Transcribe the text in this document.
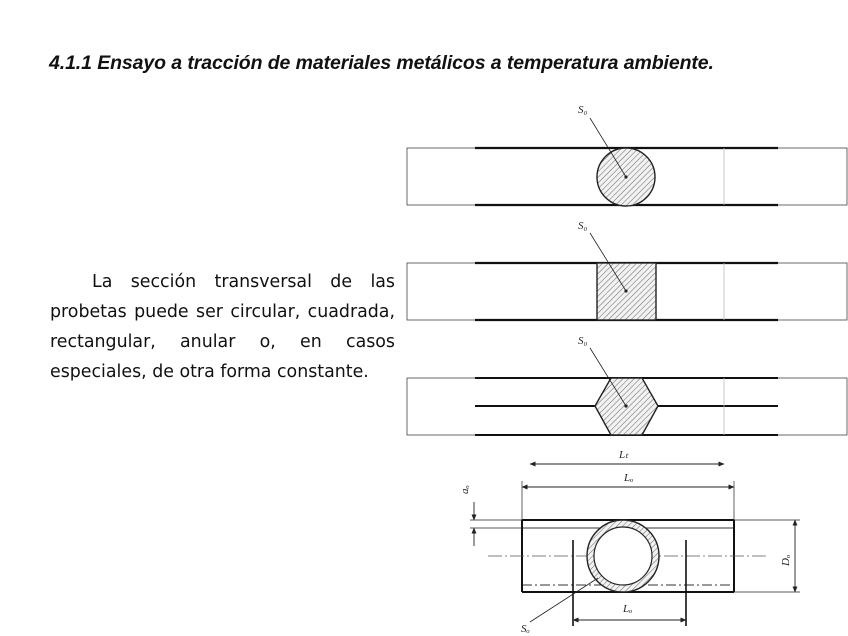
4.1.1 Ensayo a tracción de materiales metálicos a temperatura ambiente.

La sección transversal de las probetas puede ser circular, cuadrada, rectangular, anular o, en casos especiales, de otra forma constante.

S₀
S₀
S₀
Lₜ
Lₒ
aₒ
Dₒ
Lₒ
Sₒ
